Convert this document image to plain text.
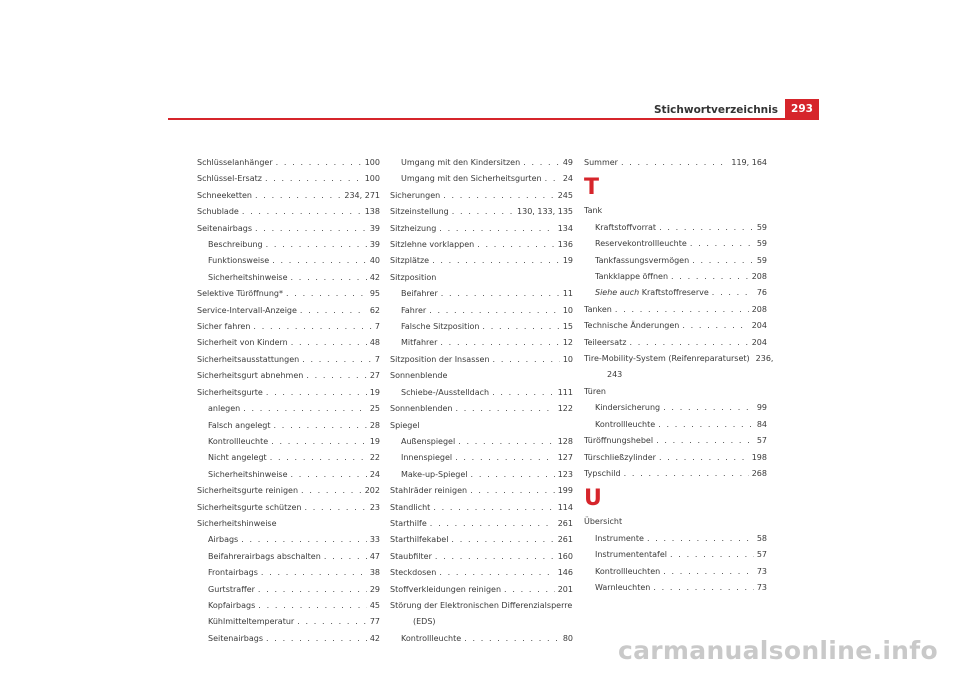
Stichwortverzeichnis	293
Schlüsselanhänger . . .	100
Schlüssel-Ersatz . . .	100
Schneeketten . . .	234, 271
Schublade . . .	138
Seitenairbags . . .	39
Beschreibung . . .	39
Funktionsweise . . .	40
Sicherheitshinweise . . .	42
Selektive Türöffnung* . . .	95
Service-Intervall-Anzeige . . .	62
Sicher fahren . . .	7
Sicherheit von Kindern . . .	48
Sicherheitsausstattungen . . .	7
Sicherheitsgurt abnehmen . . .	27
Sicherheitsgurte . . .	19
anlegen . . .	25
Falsch angelegt . . .	28
Kontrollleuchte . . .	19
Nicht angelegt . . .	22
Sicherheitshinweise . . .	24
Sicherheitsgurte reinigen . . .	202
Sicherheitsgurte schützen . . .	23
Sicherheitshinweise
Airbags . . .	33
Beifahrerairbags abschalten . . .	47
Frontairbags . . .	38
Gurtstraffer . . .	29
Kopfairbags . . .	45
Kühlmitteltemperatur . . .	77
Seitenairbags . . .	42
Umgang mit den Kindersitzen . . .	49
Umgang mit den Sicherheitsgurten . . .	24
Sicherungen . . .	245
Sitzeinstellung . . .	130, 133, 135
Sitzheizung . . .	134
Sitzlehne vorklappen . . .	136
Sitzplätze . . .	19
Sitzposition
Beifahrer . . .	11
Fahrer . . .	10
Falsche Sitzposition . . .	15
Mitfahrer . . .	12
Sitzposition der Insassen . . .	10
Sonnenblende
Schiebe-/Ausstelldach . . .	111
Sonnenblenden . . .	122
Spiegel
Außenspiegel . . .	128
Innenspiegel . . .	127
Make-up-Spiegel . . .	123
Stahlräder reinigen . . .	199
Standlicht . . .	114
Starthilfe . . .	261
Starthilfekabel . . .	261
Staubfilter . . .	160
Steckdosen . . .	146
Stoffverkleidungen reinigen . . .	201
Störung der Elektronischen Differenzialsperre
(EDS)
Kontrollleuchte . . .	80
Summer . . .	119, 164
T
Tank
Kraftstoffvorrat . . .	59
Reservekontrollleuchte . . .	59
Tankfassungsvermögen . . .	59
Tankklappe öffnen . . .	208
Siehe auch Kraftstoffreserve . . .	76
Tanken . . .	208
Technische Änderungen . . .	204
Teileersatz . . .	204
Tire-Mobility-System (Reifenreparaturset) 236,
243
Türen
Kindersicherung . . .	99
Kontrollleuchte . . .	84
Türöffnungshebel . . .	57
Türschließzylinder . . .	198
Typschild . . .	268
U
Übersicht
Instrumente . . .	58
Instrumententafel . . .	57
Kontrollleuchten . . .	73
Warnleuchten . . .	73
carmanualsonline.info
